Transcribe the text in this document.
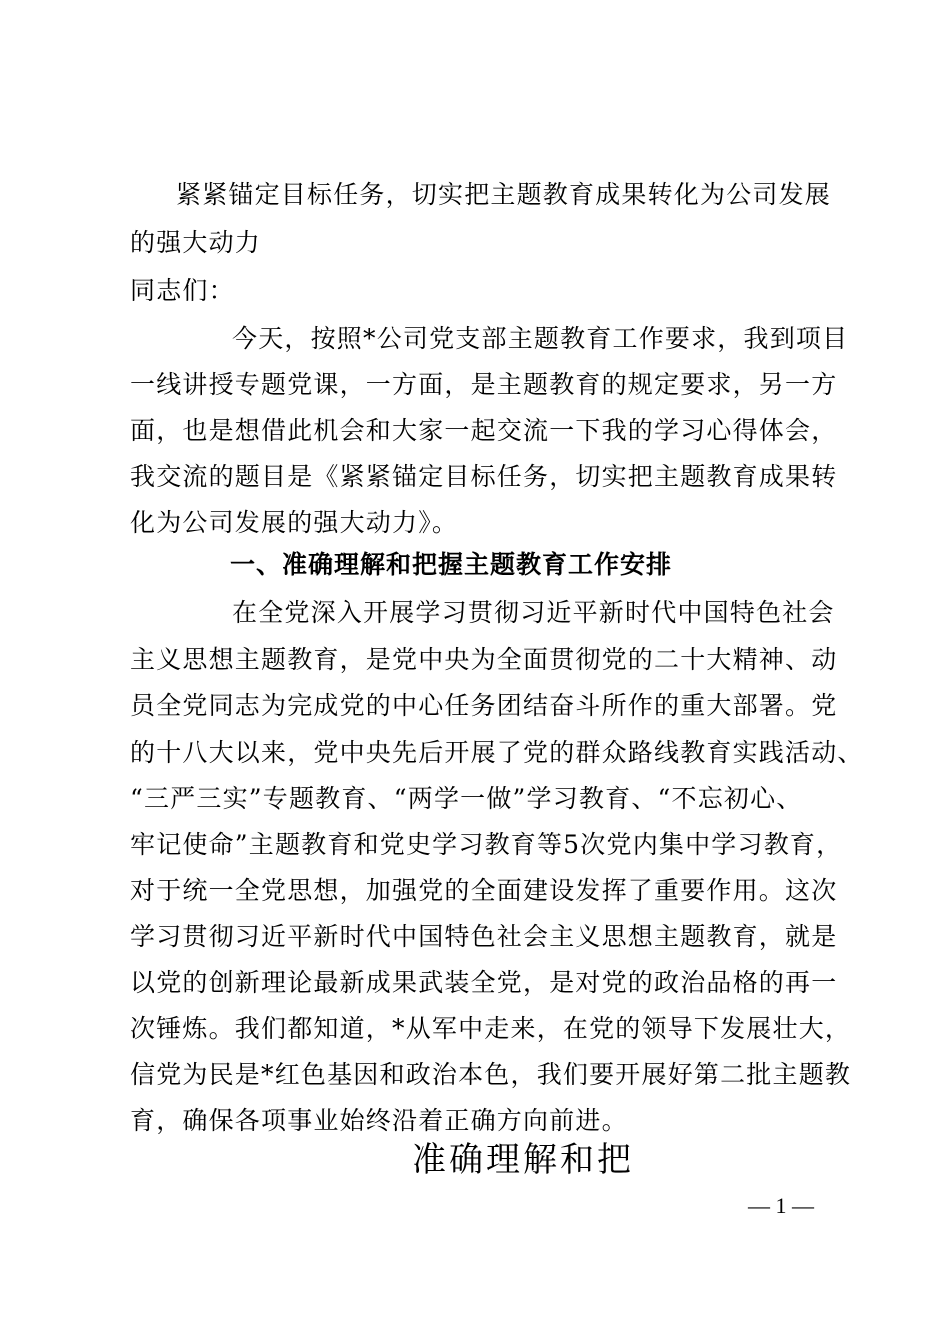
紧紧锚定目标任务，切实把主题教育成果转化为公司发展
的强大动力
同志们：
今天，按照*公司党支部主题教育工作要求，我到项目
一线讲授专题党课，一方面，是主题教育的规定要求，另一方
面，也是想借此机会和大家一起交流一下我的学习心得体会，
我交流的题目是《紧紧锚定目标任务，切实把主题教育成果转
化为公司发展的强大动力》。
一、准确理解和把握主题教育工作安排
在全党深入开展学习贯彻习近平新时代中国特色社会
主义思想主题教育，是党中央为全面贯彻党的二十大精神、动
员全党同志为完成党的中心任务团结奋斗所作的重大部署。党
的十八大以来，党中央先后开展了党的群众路线教育实践活动、
“三严三实”专题教育、“两学一做”学习教育、“不忘初心、
牢记使命”主题教育和党史学习教育等5次党内集中学习教育，
对于统一全党思想，加强党的全面建设发挥了重要作用。这次
学习贯彻习近平新时代中国特色社会主义思想主题教育，就是
以党的创新理论最新成果武装全党，是对党的政治品格的再一
次锤炼。我们都知道，*从军中走来，在党的领导下发展壮大，
信党为民是*红色基因和政治本色，我们要开展好第二批主题教
育，确保各项事业始终沿着正确方向前进。
准确理解和把
— 1 —
